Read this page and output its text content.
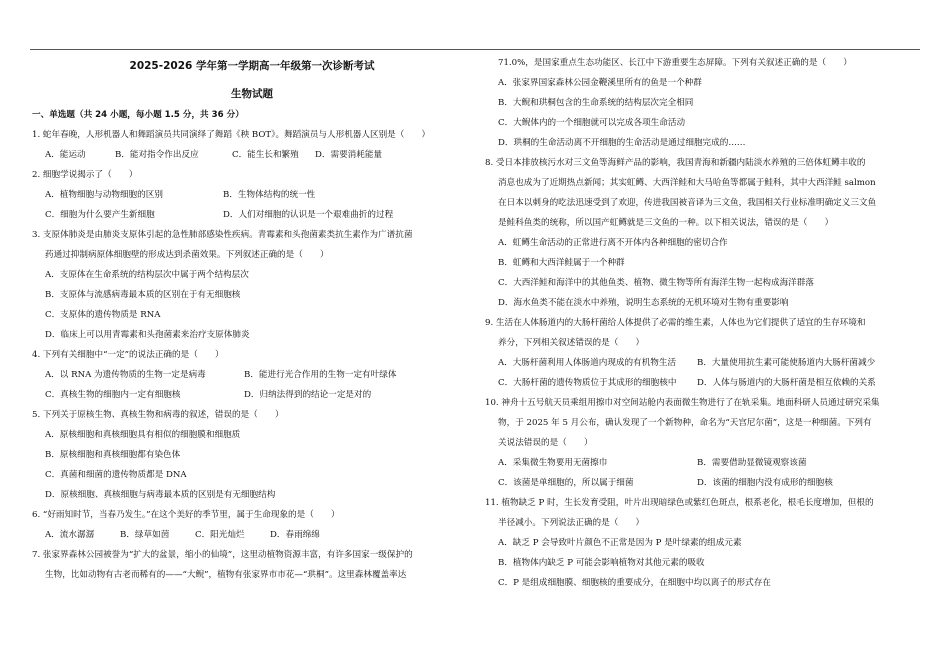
2025-2026 学年第一学期高一年级第一次诊断考试
生物试题
一、单选题（共 24 小题，每小题 1.5 分，共 36 分）
1. 蛇年春晚，人形机器人和舞蹈演员共同演绎了舞蹈《秧 BOT》。舞蹈演员与人形机器人区别是（　　）
A．能运动	B．能对指令作出反应	C．能生长和繁殖 D．需要消耗能量
2. 细胞学说揭示了（　　）
A．植物细胞与动物细胞的区别	B．生物体结构的统一性
C．细胞为什么要产生新细胞	D．人们对细胞的认识是一个艰难曲折的过程
3. 支原体肺炎是由肺炎支原体引起的急性肺部感染性疾病。青霉素和头孢菌素类抗生素作为广谱抗菌
药通过抑制病原体细胞壁的形成达到杀菌效果。下列叙述正确的是（　　）
A．支原体在生命系统的结构层次中属于两个结构层次
B．支原体与流感病毒最本质的区别在于有无细胞核
C．支原体的遗传物质是 RNA
D．临床上可以用青霉素和头孢菌素来治疗支原体肺炎
4. 下列有关细胞中“一定”的说法正确的是（　　）
A．以 RNA 为遗传物质的生物一定是病毒	B．能进行光合作用的生物一定有叶绿体
C．真核生物的细胞内一定有细胞核	D．归纳法得到的结论一定是对的
5. 下列关于原核生物、真核生物和病毒的叙述，错误的是（　　）
A．原核细胞和真核细胞具有相似的细胞膜和细胞质
B．原核细胞和真核细胞都有染色体
C．真菌和细菌的遗传物质都是 DNA
D．原核细胞、真核细胞与病毒最本质的区别是有无细胞结构
6. “好雨知时节，当春乃发生。”在这个美好的季节里，属于生命现象的是（　　）
A．流水潺潺	B．绿草如茵	C．阳光灿烂	D．春雨绵绵
7. 张家界森林公园被誉为“扩大的盆景，缩小的仙境”，这里动植物资源丰富，有许多国家一级保护的
生物，比如动物有古老而稀有的——“大鲵”，植物有张家界市市花—“珙桐”。这里森林覆盖率达
71.0%，是国家重点生态功能区、长江中下游重要生态屏障。下列有关叙述正确的是（　　）
A．张家界国家森林公园金鞭溪里所有的鱼是一个种群
B．大鲵和珙桐包含的生命系统的结构层次完全相同
C．大鲵体内的一个细胞就可以完成各项生命活动
D．珙桐的生命活动离不开细胞的生命活动是通过细胞完成的……
8. 受日本排放核污水对三文鱼等海鲜产品的影响，我国青海和新疆内陆淡水养殖的三倍体虹鳟丰收的
消息也成为了近期热点新闻；其实虹鳟、大西洋鲑和大马哈鱼等都属于鲑科，其中大西洋鲑 salmon
在日本以刺身的吃法迅速受到了欢迎，传进我国被音译为三文鱼，我国相关行业标准明确定义三文鱼
是鲑科鱼类的统称，所以国产虹鳟就是三文鱼的一种。以下相关说法，错误的是（　　）
A．虹鳟生命活动的正常进行离不开体内各种细胞的密切合作
B．虹鳟和大西洋鲑属于一个种群
C．大西洋鲑和海洋中的其他鱼类、植物、微生物等所有海洋生物一起构成海洋群落
D．海水鱼类不能在淡水中养殖，说明生态系统的无机环境对生物有重要影响
9. 生活在人体肠道内的大肠杆菌给人体提供了必需的维生素，人体也为它们提供了适宜的生存环境和
养分，下列相关叙述错误的是（　　）
A．大肠杆菌利用人体肠道内现成的有机物生活 B．大量使用抗生素可能使肠道内大肠杆菌减少
C．大肠杆菌的遗传物质位于其成形的细胞核中 D．人体与肠道内的大肠杆菌是相互依赖的关系
10. 神舟十五号航天员乘组用擦巾对空间站舱内表面微生物进行了在轨采集。地面科研人员通过研究采集
物，于 2025 年 5 月公布，确认发现了一个新物种，命名为“天宫尼尔菌”，这是一种细菌。下列有
关说法错误的是（　　）
A．采集微生物要用无菌擦巾	B．需要借助显微镜观察该菌
C．该菌是单细胞的，所以属于细菌	D．该菌的细胞内没有成形的细胞核
11. 植物缺乏 P 时，生长发育受阻，叶片出现暗绿色或紫红色斑点，根系老化，根毛长度增加，但根的
半径减小。下列说法正确的是（　　）
A．缺乏 P 会导致叶片颜色不正常是因为 P 是叶绿素的组成元素
B．植物体内缺乏 P 可能会影响植物对其他元素的吸收
C．P 是组成细胞膜、细胞核的重要成分，在细胞中均以离子的形式存在
